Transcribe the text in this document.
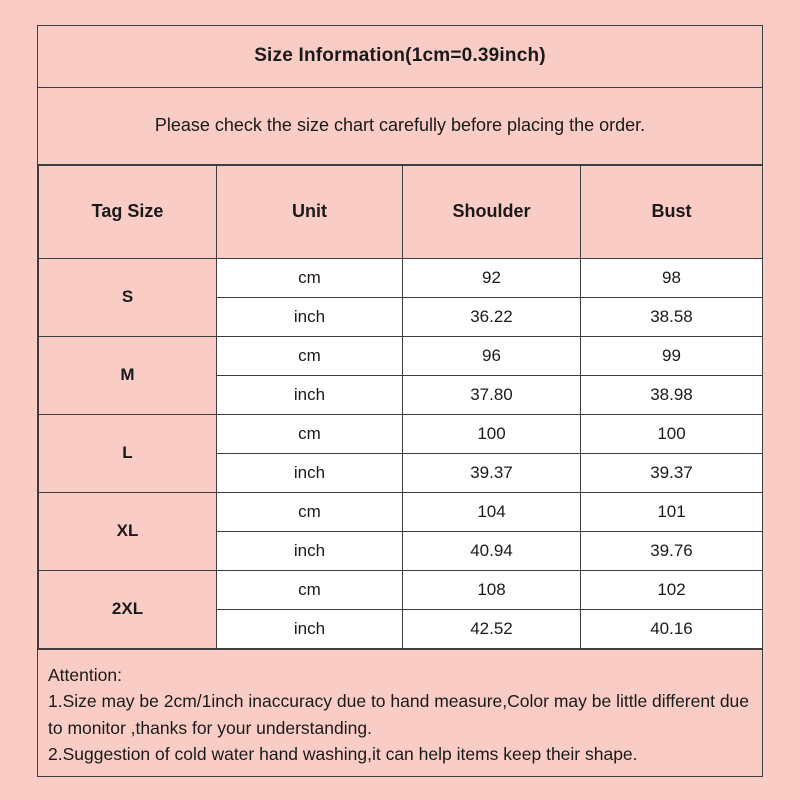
Size Information(1cm=0.39inch)
Please check the size chart carefully before placing the order.
Tag Size	Unit	Shoulder	Bust
S	cm	92	98
	inch	36.22	38.58
M	cm	96	99
	inch	37.80	38.98
L	cm	100	100
	inch	39.37	39.37
XL	cm	104	101
	inch	40.94	39.76
2XL	cm	108	102
	inch	42.52	40.16
Attention:
1.Size may be 2cm/1inch inaccuracy due to hand measure,Color may be little different due to monitor ,thanks for your understanding.
2.Suggestion of cold water hand washing,it can help items keep their shape.
